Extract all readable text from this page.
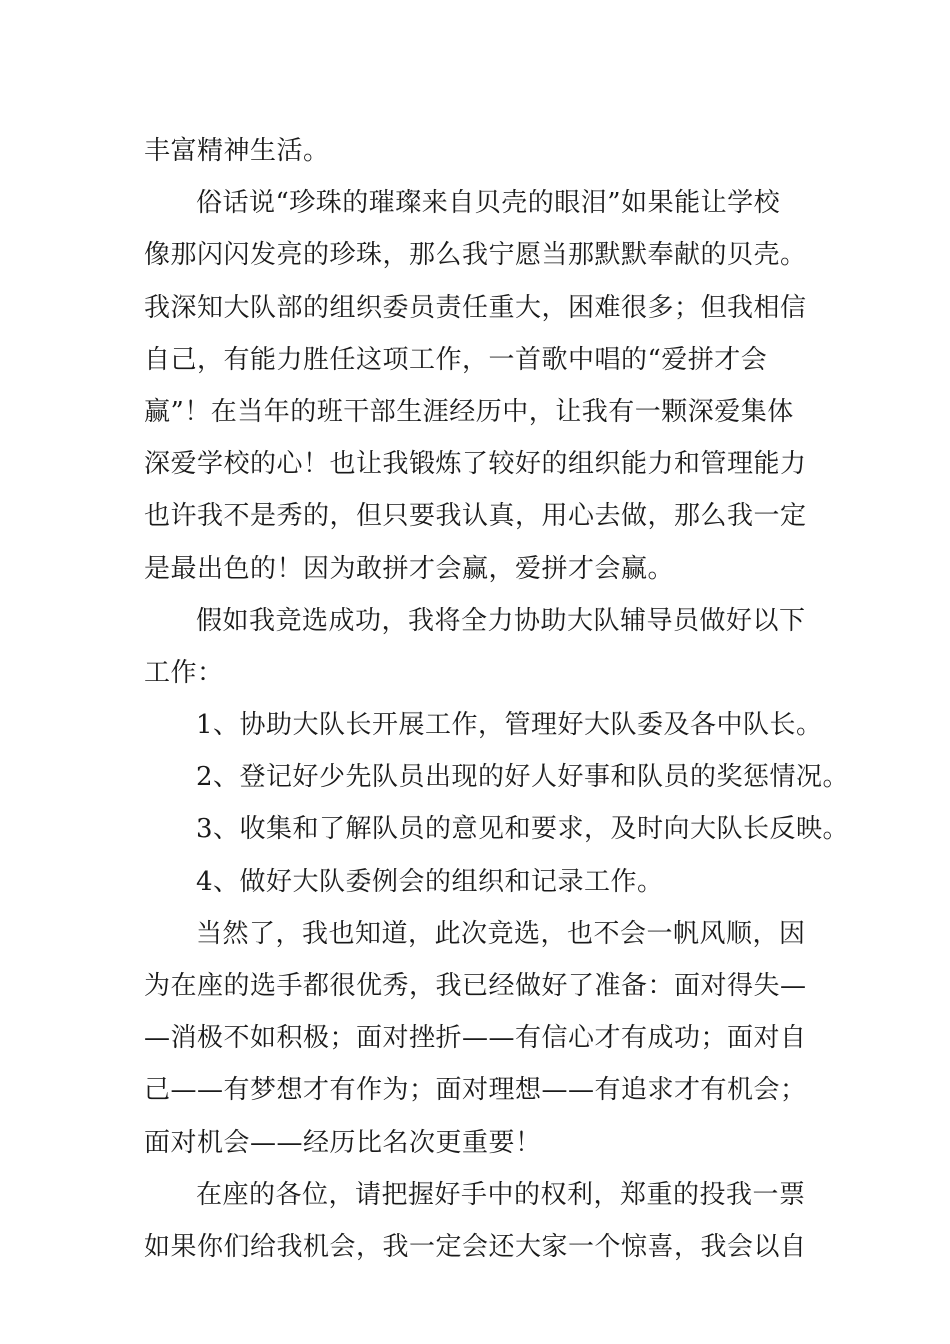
丰富精神生活。
俗话说“珍珠的璀璨来自贝壳的眼泪”如果能让学校
像那闪闪发亮的珍珠，那么我宁愿当那默默奉献的贝壳。
我深知大队部的组织委员责任重大，困难很多；但我相信
自己，有能力胜任这项工作，一首歌中唱的“爱拼才会
赢”！在当年的班干部生涯经历中，让我有一颗深爱集体
深爱学校的心！也让我锻炼了较好的组织能力和管理能力
也许我不是秀的，但只要我认真，用心去做，那么我一定
是最出色的！因为敢拼才会赢，爱拼才会赢。
假如我竞选成功，我将全力协助大队辅导员做好以下
工作：
1、协助大队长开展工作，管理好大队委及各中队长。
2、登记好少先队员出现的好人好事和队员的奖惩情况。
3、收集和了解队员的意见和要求，及时向大队长反映。
4、做好大队委例会的组织和记录工作。
当然了，我也知道，此次竞选，也不会一帆风顺，因
为在座的选手都很优秀，我已经做好了准备：面对得失—
—消极不如积极；面对挫折——有信心才有成功；面对自
己——有梦想才有作为；面对理想——有追求才有机会；
面对机会——经历比名次更重要！
在座的各位，请把握好手中的权利，郑重的投我一票
如果你们给我机会，我一定会还大家一个惊喜，我会以自
